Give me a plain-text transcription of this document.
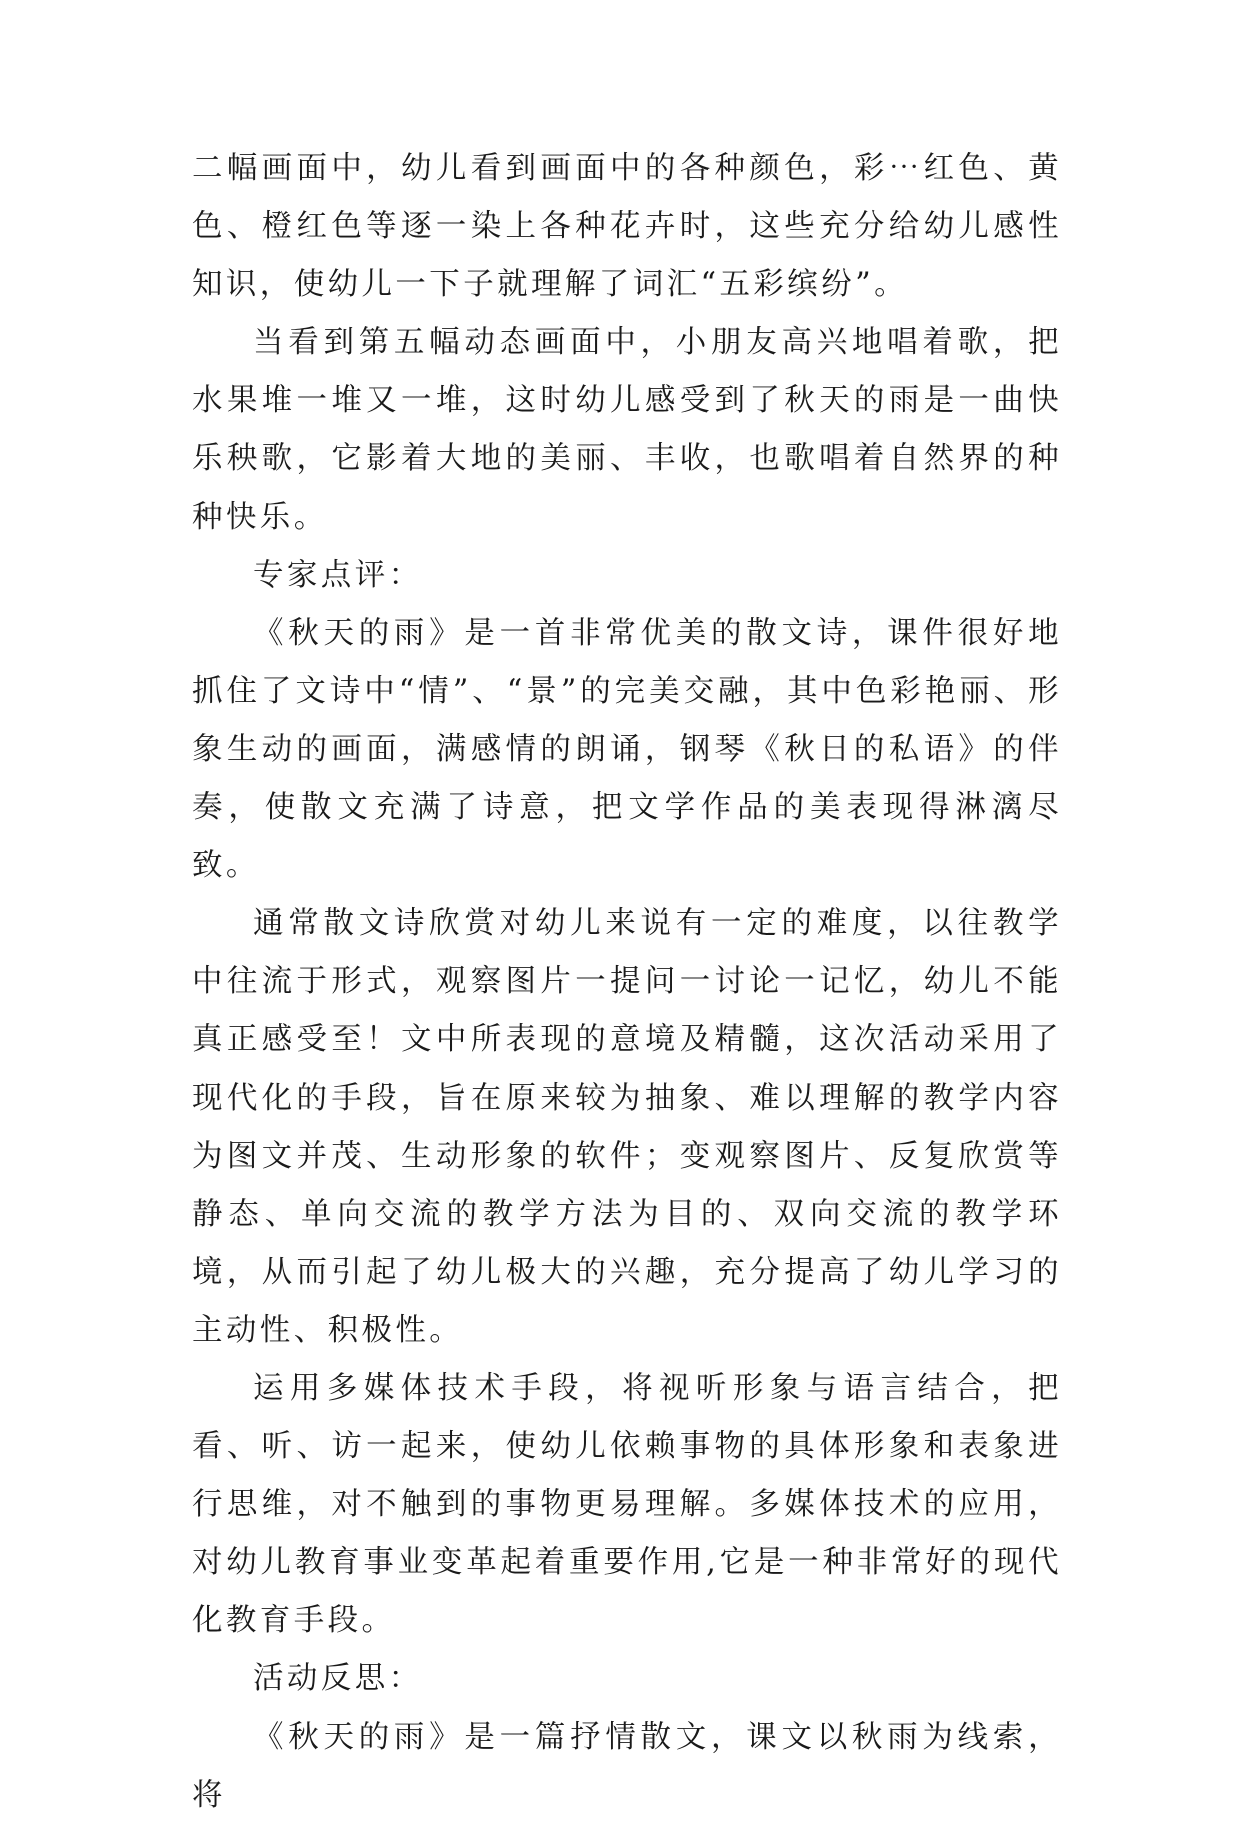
二幅画面中，幼儿看到画面中的各种颜色，彩⋯红色、黄色、橙红色等逐一染上各种花卉时，这些充分给幼儿感性知识，使幼儿一下子就理解了词汇“五彩缤纷”。

当看到第五幅动态画面中，小朋友高兴地唱着歌，把水果堆一堆又一堆，这时幼儿感受到了秋天的雨是一曲快乐秧歌，它影着大地的美丽、丰收，也歌唱着自然界的种种快乐。

专家点评：

《秋天的雨》是一首非常优美的散文诗，课件很好地抓住了文诗中“情”、“景”的完美交融，其中色彩艳丽、形象生动的画面，满感情的朗诵，钢琴《秋日的私语》的伴奏，使散文充满了诗意，把文学作品的美表现得淋漓尽致。

通常散文诗欣赏对幼儿来说有一定的难度，以往教学中往流于形式，观察图片一提问一讨论一记忆，幼儿不能真正感受至！文中所表现的意境及精髓，这次活动采用了现代化的手段，旨在原来较为抽象、难以理解的教学内容为图文并茂、生动形象的软件；变观察图片、反复欣赏等静态、单向交流的教学方法为目的、双向交流的教学环境，从而引起了幼儿极大的兴趣，充分提高了幼儿学习的主动性、积极性。

运用多媒体技术手段，将视听形象与语言结合，把看、听、访一起来，使幼儿依赖事物的具体形象和表象进行思维，对不触到的事物更易理解。多媒体技术的应用，对幼儿教育事业变革起着重要作用,它是一种非常好的现代化教育手段。

活动反思：

《秋天的雨》是一篇抒情散文，课文以秋雨为线索，将
